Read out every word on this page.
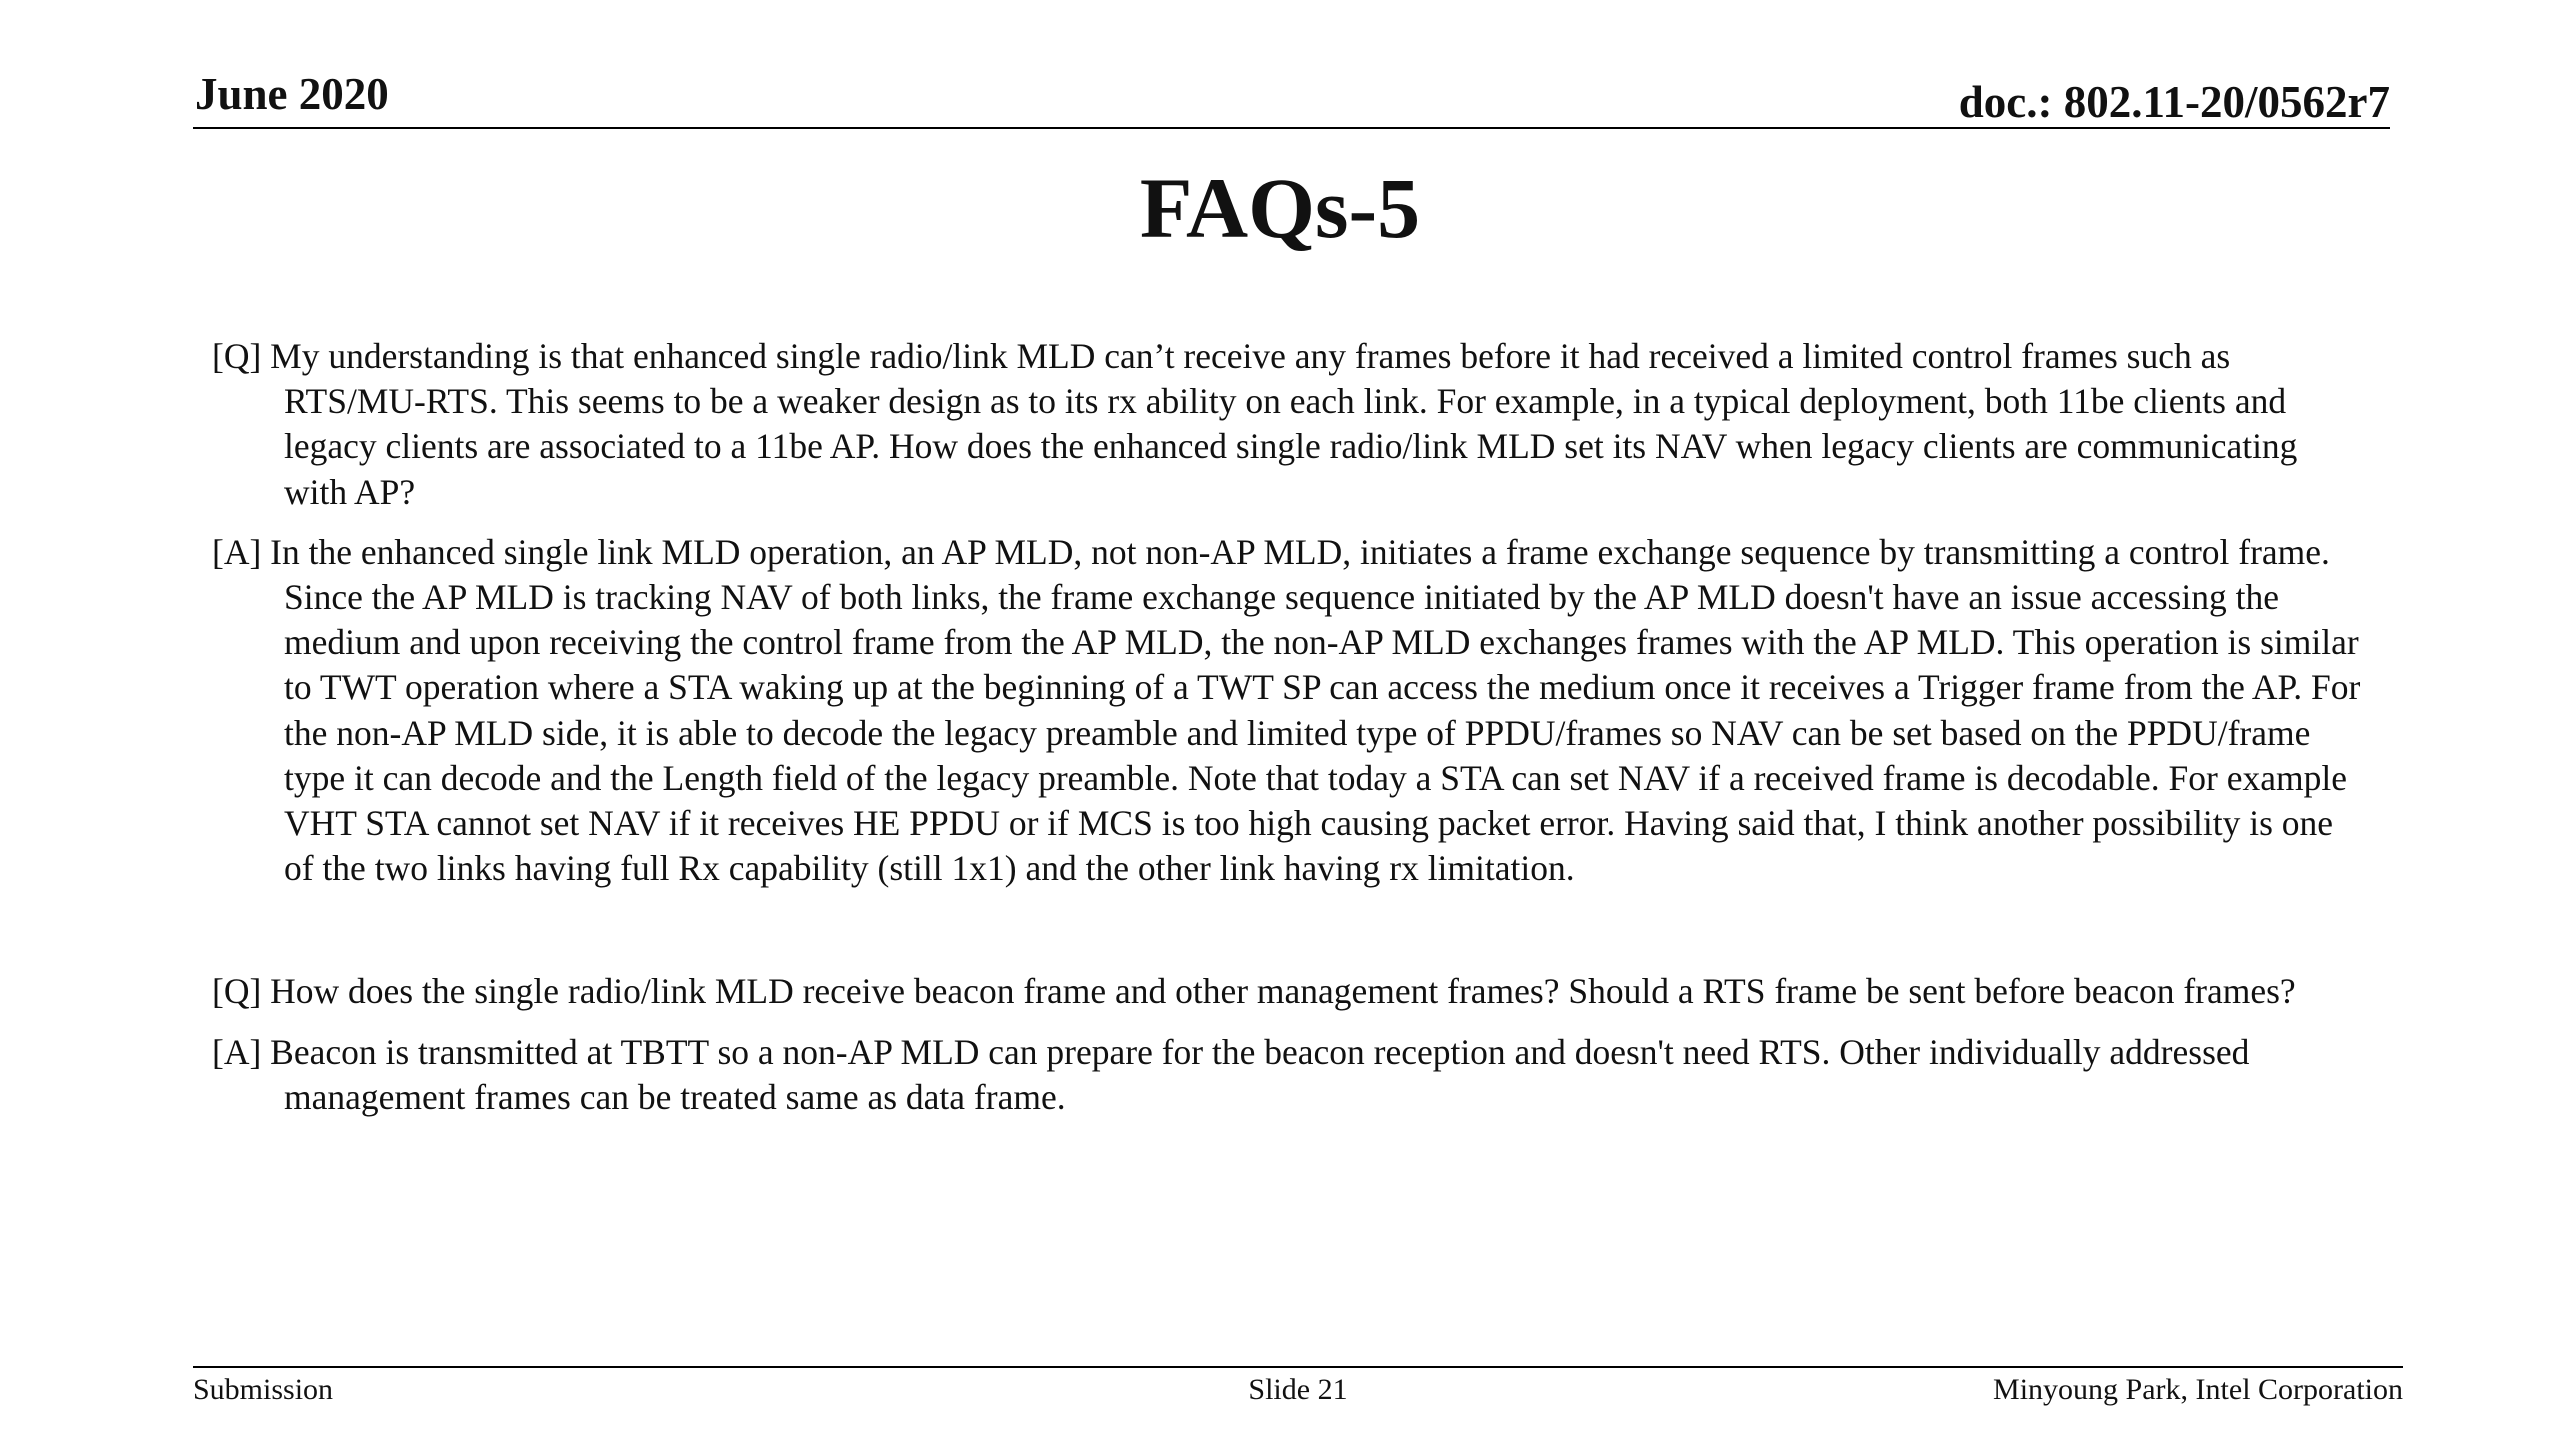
June 2020	doc.: 802.11-20/0562r7
FAQs-5

[Q] My understanding is that enhanced single radio/link MLD can’t receive any frames before it had received a limited control frames such as RTS/MU-RTS. This seems to be a weaker design as to its rx ability on each link. For example, in a typical deployment, both 11be clients and legacy clients are associated to a 11be AP. How does the enhanced single radio/link MLD set its NAV when legacy clients are communicating with AP?

[A] In the enhanced single link MLD operation, an AP MLD, not non-AP MLD, initiates a frame exchange sequence by transmitting a control frame. Since the AP MLD is tracking NAV of both links, the frame exchange sequence initiated by the AP MLD doesn't have an issue accessing the medium and upon receiving the control frame from the AP MLD, the non-AP MLD exchanges frames with the AP MLD. This operation is similar to TWT operation where a STA waking up at the beginning of a TWT SP can access the medium once it receives a Trigger frame from the AP. For the non-AP MLD side, it is able to decode the legacy preamble and limited type of PPDU/frames so NAV can be set based on the PPDU/frame type it can decode and the Length field of the legacy preamble. Note that today a STA can set NAV if a received frame is decodable. For example VHT STA cannot set NAV if it receives HE PPDU or if MCS is too high causing packet error. Having said that, I think another possibility is one of the two links having full Rx capability (still 1x1) and the other link having rx limitation.

[Q] How does the single radio/link MLD receive beacon frame and other management frames? Should a RTS frame be sent before beacon frames?

[A] Beacon is transmitted at TBTT so a non-AP MLD can prepare for the beacon reception and doesn't need RTS. Other individually addressed management frames can be treated same as data frame.

Submission	Slide 21	Minyoung Park, Intel Corporation
